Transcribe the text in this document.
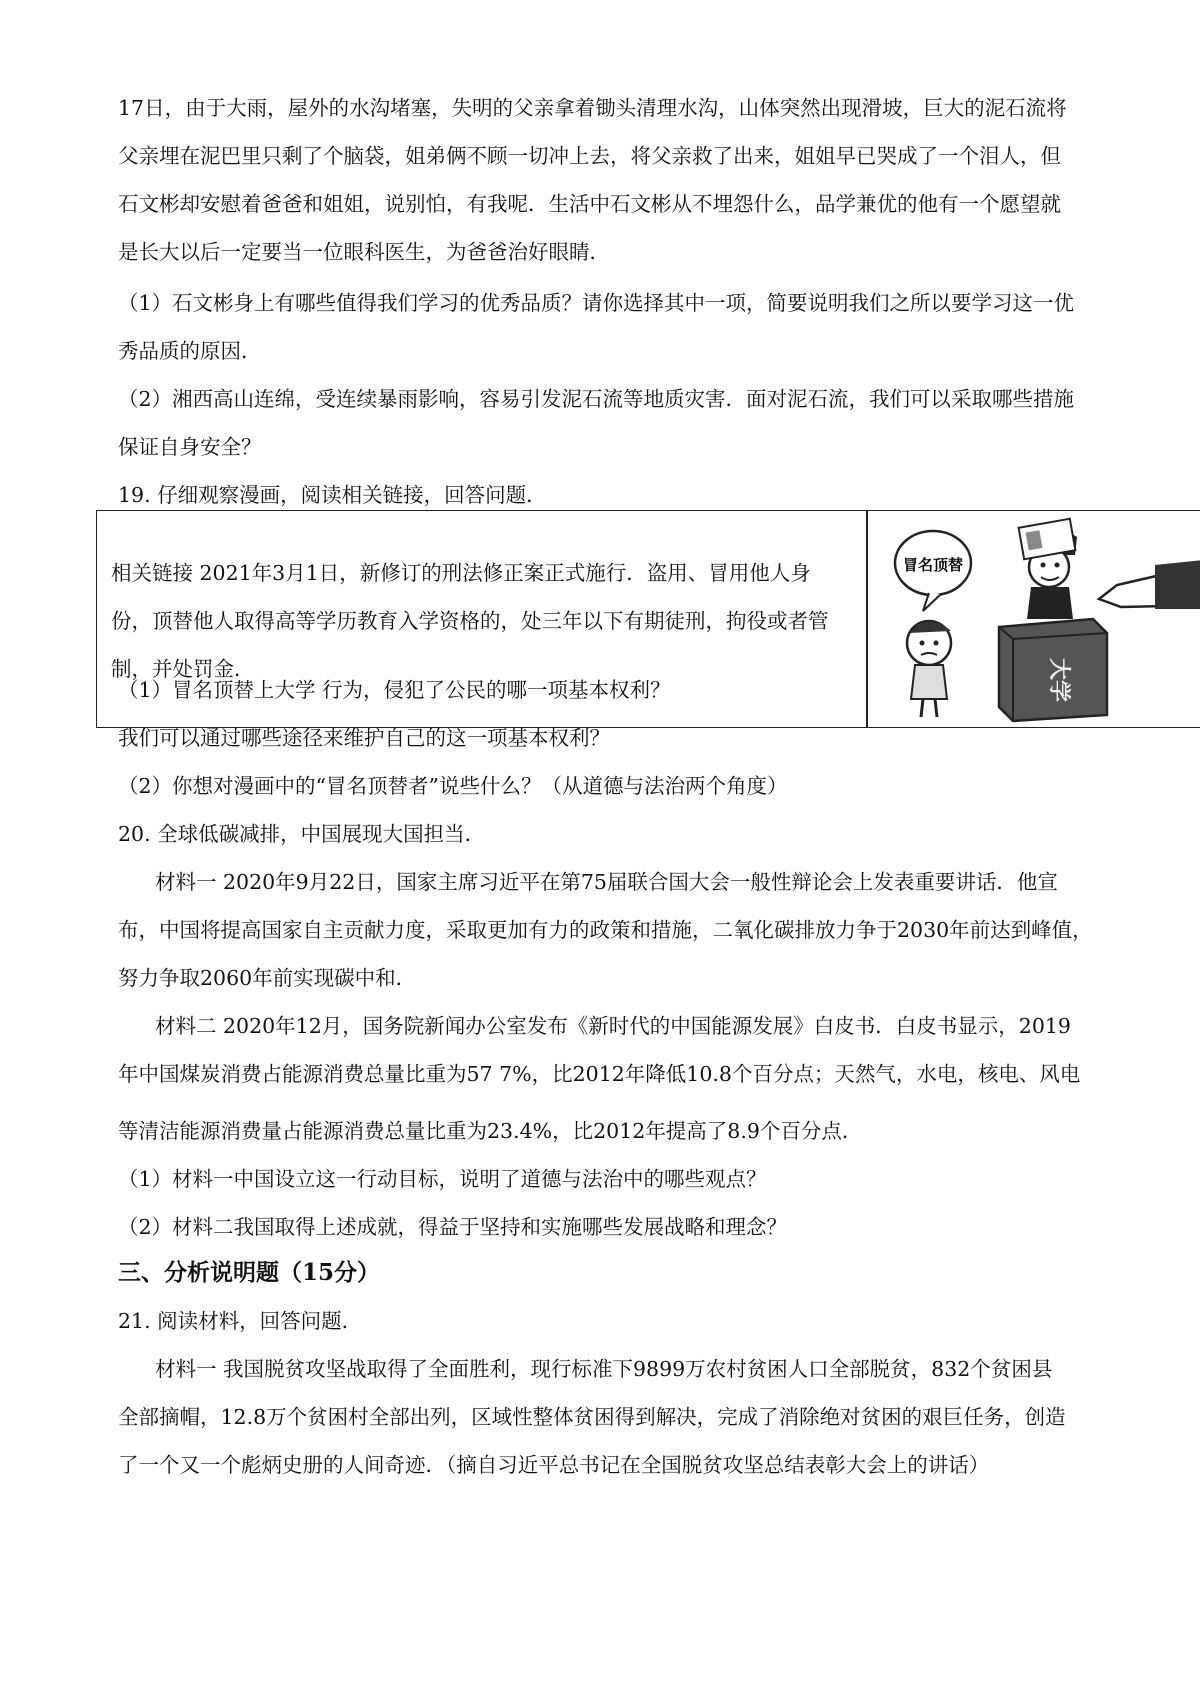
17日，由于大雨，屋外的水沟堵塞，失明的父亲拿着锄头清理水沟，山体突然出现滑坡，巨大的泥石流将
父亲埋在泥巴里只剩了个脑袋，姐弟俩不顾一切冲上去，将父亲救了出来，姐姐早已哭成了一个泪人，但
石文彬却安慰着爸爸和姐姐，说别怕，有我呢．生活中石文彬从不埋怨什么，品学兼优的他有一个愿望就
是长大以后一定要当一位眼科医生，为爸爸治好眼睛．
（1）石文彬身上有哪些值得我们学习的优秀品质？请你选择其中一项，简要说明我们之所以要学习这一优
秀品质的原因．
（2）湘西高山连绵，受连续暴雨影响，容易引发泥石流等地质灾害．面对泥石流，我们可以采取哪些措施
保证自身安全？
19. 仔细观察漫画，阅读相关链接，回答问题．
相关链接 2021年3月1日，新修订的刑法修正案正式施行．盗用、冒用他人身
份，顶替他人取得高等学历教育入学资格的，处三年以下有期徒刑，拘役或者管
制，并处罚金．
冒名顶替
大学
（1）冒名顶替上大学 行为，侵犯了公民的哪一项基本权利？
我们可以通过哪些途径来维护自己的这一项基本权利？
（2）你想对漫画中的“冒名顶替者”说些什么？（从道德与法治两个角度）
20. 全球低碳减排，中国展现大国担当．
材料一 2020年9月22日，国家主席习近平在第75届联合国大会一般性辩论会上发表重要讲话．他宣
布，中国将提高国家自主贡献力度，采取更加有力的政策和措施，二氧化碳排放力争于2030年前达到峰值，
努力争取2060年前实现碳中和．
材料二 2020年12月，国务院新闻办公室发布《新时代的中国能源发展》白皮书．白皮书显示，2019
年中国煤炭消费占能源消费总量比重为57 7%，比2012年降低10.8个百分点；天然气，水电，核电、风电
等清洁能源消费量占能源消费总量比重为23.4%，比2012年提高了8.9个百分点．
（1）材料一中国设立这一行动目标，说明了道德与法治中的哪些观点？
（2）材料二我国取得上述成就，得益于坚持和实施哪些发展战略和理念？
三、分析说明题（15分）
21. 阅读材料，回答问题．
材料一 我国脱贫攻坚战取得了全面胜利，现行标准下9899万农村贫困人口全部脱贫，832个贫困县
全部摘帽，12.8万个贫困村全部出列，区域性整体贫困得到解决，完成了消除绝对贫困的艰巨任务，创造
了一个又一个彪炳史册的人间奇迹．（摘自习近平总书记在全国脱贫攻坚总结表彰大会上的讲话）
